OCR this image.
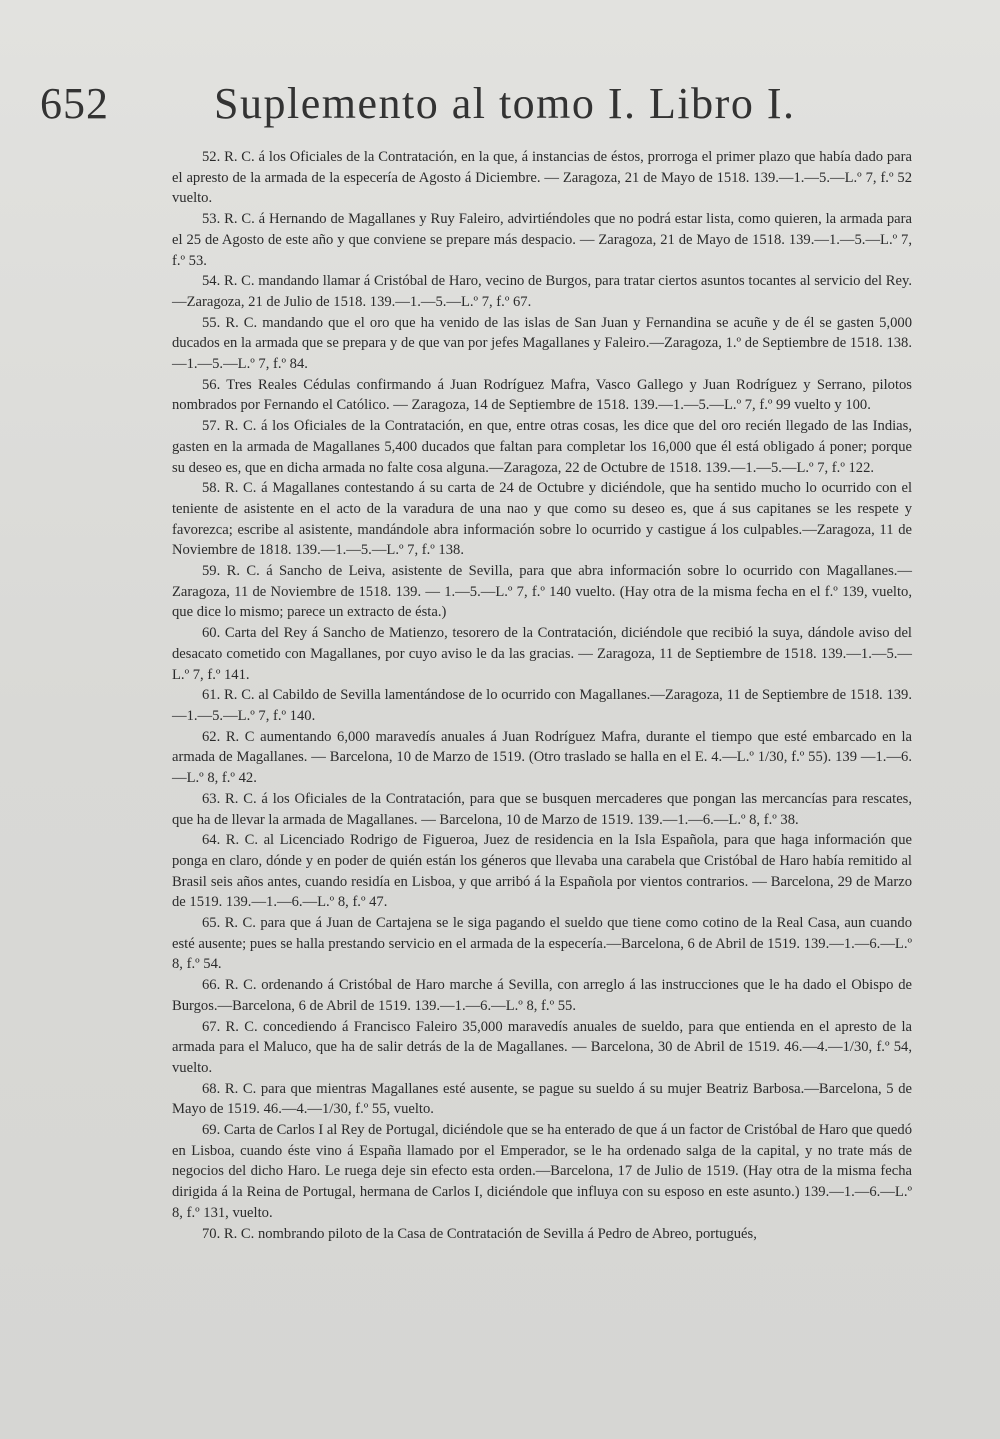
652 Suplemento al tomo I. Libro I.

52. R. C. á los Oficiales de la Contratación, en la que, á instancias de éstos, prorroga el primer plazo que había dado para el apresto de la armada de la especería de Agosto á Diciembre. — Zaragoza, 21 de Mayo de 1518. 139.—1.—5.—L.º 7, f.º 52 vuelto.

53. R. C. á Hernando de Magallanes y Ruy Faleiro, advirtiéndoles que no podrá estar lista, como quieren, la armada para el 25 de Agosto de este año y que conviene se prepare más despacio. — Zaragoza, 21 de Mayo de 1518. 139.—1.—5.—L.º 7, f.º 53.

54. R. C. mandando llamar á Cristóbal de Haro, vecino de Burgos, para tratar ciertos asuntos tocantes al servicio del Rey.—Zaragoza, 21 de Julio de 1518. 139.—1.—5.—L.º 7, f.º 67.

55. R. C. mandando que el oro que ha venido de las islas de San Juan y Fernandina se acuñe y de él se gasten 5,000 ducados en la armada que se prepara y de que van por jefes Magallanes y Faleiro.—Zaragoza, 1.º de Septiembre de 1518. 138.—1.—5.—L.º 7, f.º 84.

56. Tres Reales Cédulas confirmando á Juan Rodríguez Mafra, Vasco Gallego y Juan Rodríguez y Serrano, pilotos nombrados por Fernando el Católico. — Zaragoza, 14 de Septiembre de 1518. 139.—1.—5.—L.º 7, f.º 99 vuelto y 100.

57. R. C. á los Oficiales de la Contratación, en que, entre otras cosas, les dice que del oro recién llegado de las Indias, gasten en la armada de Magallanes 5,400 ducados que faltan para completar los 16,000 que él está obligado á poner; porque su deseo es, que en dicha armada no falte cosa alguna.—Zaragoza, 22 de Octubre de 1518. 139.—1.—5.—L.º 7, f.º 122.

58. R. C. á Magallanes contestando á su carta de 24 de Octubre y diciéndole, que ha sentido mucho lo ocurrido con el teniente de asistente en el acto de la varadura de una nao y que como su deseo es, que á sus capitanes se les respete y favorezca; escribe al asistente, mandándole abra información sobre lo ocurrido y castigue á los culpables.—Zaragoza, 11 de Noviembre de 1818. 139.—1.—5.—L.º 7, f.º 138.

59. R. C. á Sancho de Leiva, asistente de Sevilla, para que abra información sobre lo ocurrido con Magallanes.—Zaragoza, 11 de Noviembre de 1518. 139. — 1.—5.—L.º 7, f.º 140 vuelto. (Hay otra de la misma fecha en el f.º 139, vuelto, que dice lo mismo; parece un extracto de ésta.)

60. Carta del Rey á Sancho de Matienzo, tesorero de la Contratación, diciéndole que recibió la suya, dándole aviso del desacato cometido con Magallanes, por cuyo aviso le da las gracias. — Zaragoza, 11 de Septiembre de 1518. 139.—1.—5.—L.º 7, f.º 141.

61. R. C. al Cabildo de Sevilla lamentándose de lo ocurrido con Magallanes.—Zaragoza, 11 de Septiembre de 1518. 139.—1.—5.—L.º 7, f.º 140.

62. R. C aumentando 6,000 maravedís anuales á Juan Rodríguez Mafra, durante el tiempo que esté embarcado en la armada de Magallanes. — Barcelona, 10 de Marzo de 1519. (Otro traslado se halla en el E. 4.—L.º 1/30, f.º 55). 139 —1.—6.—L.º 8, f.º 42.

63. R. C. á los Oficiales de la Contratación, para que se busquen mercaderes que pongan las mercancías para rescates, que ha de llevar la armada de Magallanes. — Barcelona, 10 de Marzo de 1519. 139.—1.—6.—L.º 8, f.º 38.

64. R. C. al Licenciado Rodrigo de Figueroa, Juez de residencia en la Isla Española, para que haga información que ponga en claro, dónde y en poder de quién están los géneros que llevaba una carabela que Cristóbal de Haro había remitido al Brasil seis años antes, cuando residía en Lisboa, y que arribó á la Española por vientos contrarios. — Barcelona, 29 de Marzo de 1519. 139.—1.—6.—L.º 8, f.º 47.

65. R. C. para que á Juan de Cartajena se le siga pagando el sueldo que tiene como cotino de la Real Casa, aun cuando esté ausente; pues se halla prestando servicio en el armada de la especería.—Barcelona, 6 de Abril de 1519. 139.—1.—6.—L.º 8, f.º 54.

66. R. C. ordenando á Cristóbal de Haro marche á Sevilla, con arreglo á las instrucciones que le ha dado el Obispo de Burgos.—Barcelona, 6 de Abril de 1519. 139.—1.—6.—L.º 8, f.º 55.

67. R. C. concediendo á Francisco Faleiro 35,000 maravedís anuales de sueldo, para que entienda en el apresto de la armada para el Maluco, que ha de salir detrás de la de Magallanes. — Barcelona, 30 de Abril de 1519. 46.—4.—1/30, f.º 54, vuelto.

68. R. C. para que mientras Magallanes esté ausente, se pague su sueldo á su mujer Beatriz Barbosa.—Barcelona, 5 de Mayo de 1519. 46.—4.—1/30, f.º 55, vuelto.

69. Carta de Carlos I al Rey de Portugal, diciéndole que se ha enterado de que á un factor de Cristóbal de Haro que quedó en Lisboa, cuando éste vino á España llamado por el Emperador, se le ha ordenado salga de la capital, y no trate más de negocios del dicho Haro. Le ruega deje sin efecto esta orden.—Barcelona, 17 de Julio de 1519. (Hay otra de la misma fecha dirigida á la Reina de Portugal, hermana de Carlos I, diciéndole que influya con su esposo en este asunto.) 139.—1.—6.—L.º 8, f.º 131, vuelto.

70. R. C. nombrando piloto de la Casa de Contratación de Sevilla á Pedro de Abreo, portugués,
